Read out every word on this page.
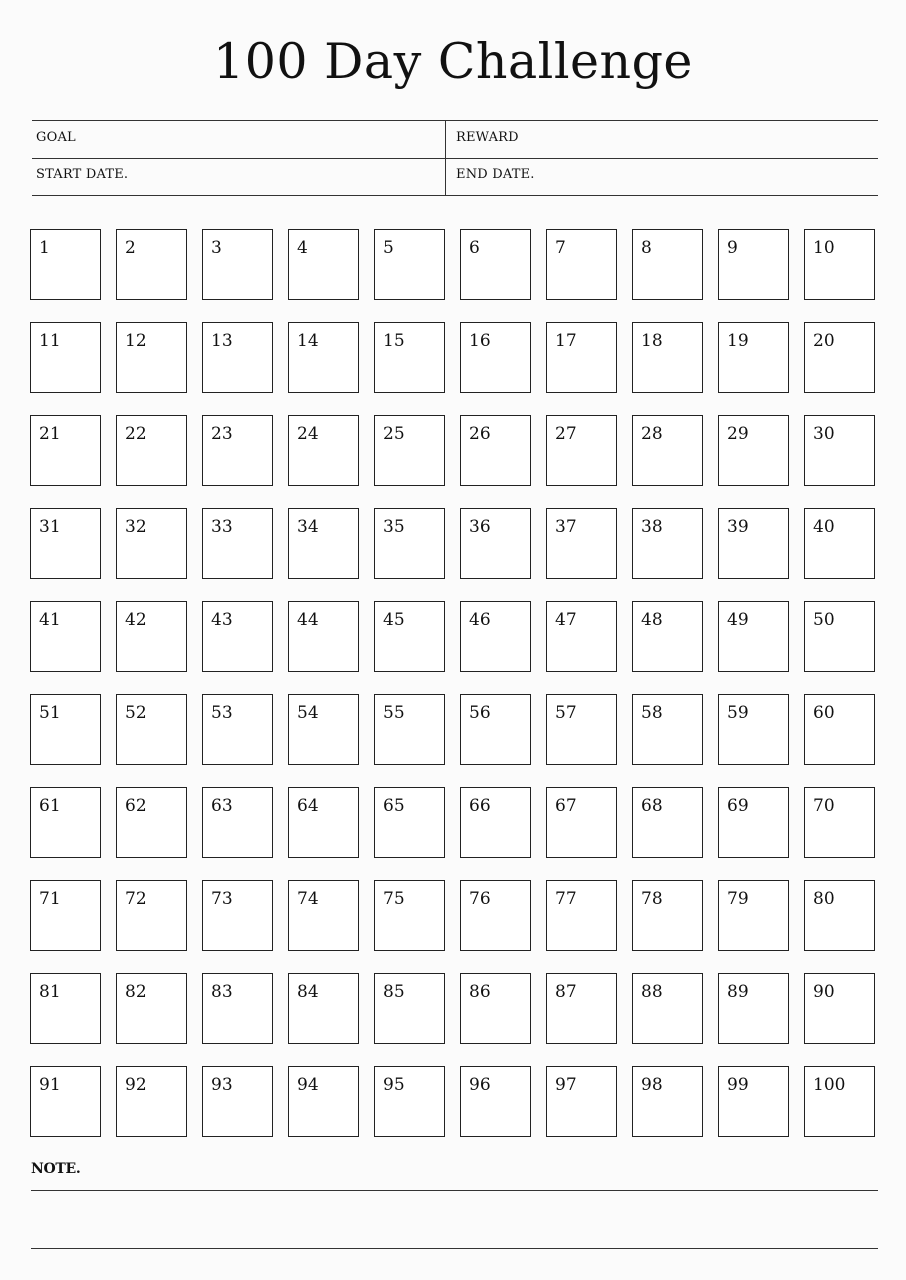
100 Day Challenge
GOAL	REWARD
START DATE.	END DATE.
1	2	3	4	5	6	7	8	9	10
11	12	13	14	15	16	17	18	19	20
21	22	23	24	25	26	27	28	29	30
31	32	33	34	35	36	37	38	39	40
41	42	43	44	45	46	47	48	49	50
51	52	53	54	55	56	57	58	59	60
61	62	63	64	65	66	67	68	69	70
71	72	73	74	75	76	77	78	79	80
81	82	83	84	85	86	87	88	89	90
91	92	93	94	95	96	97	98	99	100
NOTE.
